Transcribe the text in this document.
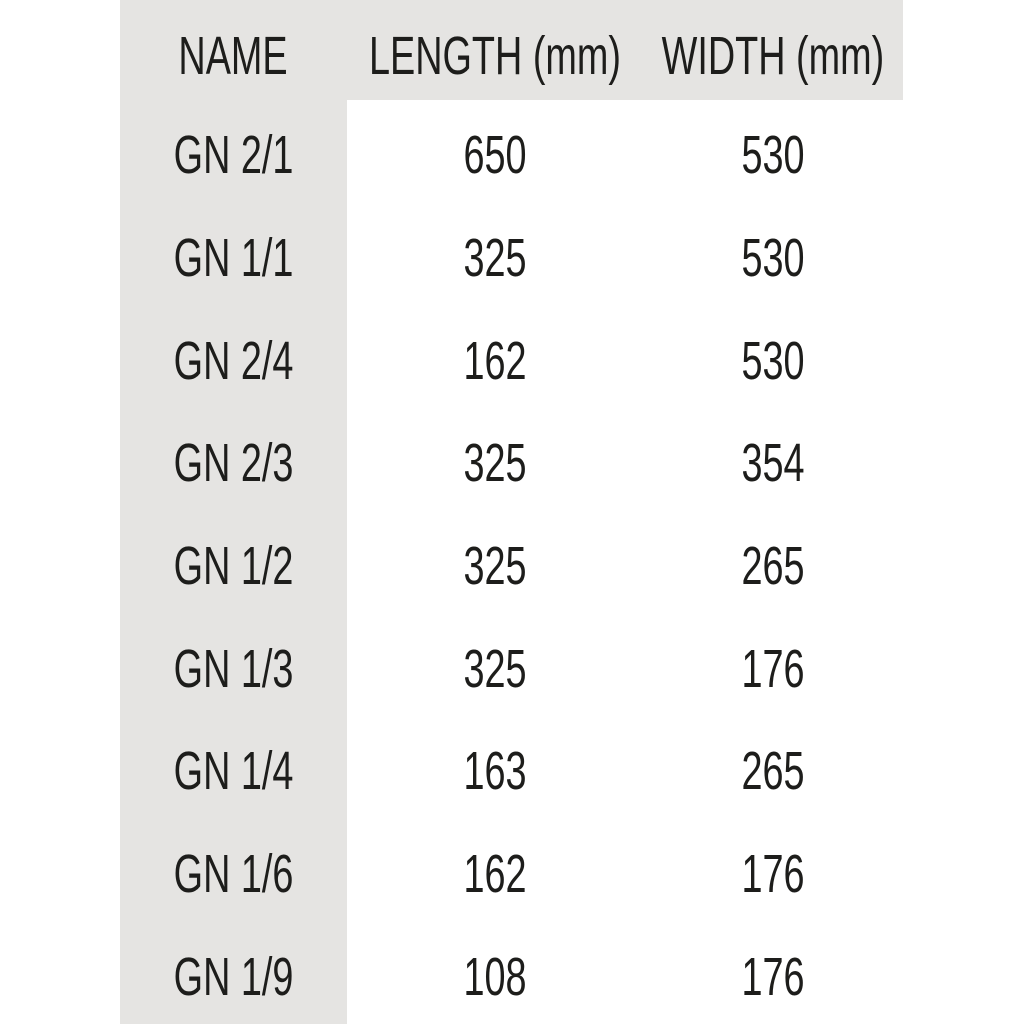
NAME LENGTH (mm) WIDTH (mm)
GN 2/1	650	530
GN 1/1	325	530
GN 2/4	162	530
GN 2/3	325	354
GN 1/2	325	265
GN 1/3	325	176
GN 1/4	163	265
GN 1/6	162	176
GN 1/9	108	176
